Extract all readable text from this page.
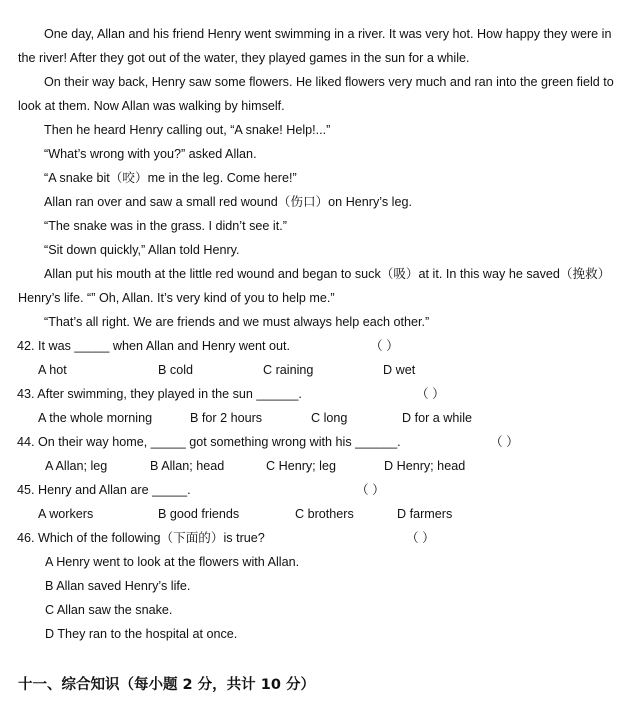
One day, Allan and his friend Henry went swimming in a river. It was very hot. How happy they were in
the river! After they got out of the water, they played games in the sun for a while.
On their way back, Henry saw some flowers. He liked flowers very much and ran into the green field to
look at them. Now Allan was walking by himself.
Then he heard Henry calling out, “A snake! Help!...”
“What’s wrong with you?” asked Allan.
“A snake bit（咬）me in the leg. Come here!”
Allan ran over and saw a small red wound（伤口）on Henry’s leg.
“The snake was in the grass. I didn’t see it.”
“Sit down quickly,” Allan told Henry.
Allan put his mouth at the little red wound and began to suck（吸）at it. In this way he saved（挽救）
Henry’s life. “” Oh, Allan. It’s very kind of you to help me.”
“That’s all right. We are friends and we must always help each other.”
42. It was _____ when Allan and Henry went out.	（ ）
A hot	B cold	C raining	D wet
43. After swimming, they played in the sun ______.	（ ）
A the whole morning	B for 2 hours	C long	D for a while
44. On their way home, _____ got something wrong with his ______.	（ ）
A Allan; leg	B Allan; head	C Henry; leg	D Henry; head
45. Henry and Allan are _____.	（ ）
A workers	B good friends	C brothers	D farmers
46. Which of the following（下面的）is true?	（ ）
A Henry went to look at the flowers with Allan.
B Allan saved Henry’s life.
C Allan saw the snake.
D They ran to the hospital at once.
十一、综合知识（每小题 2 分，共计 10 分）
